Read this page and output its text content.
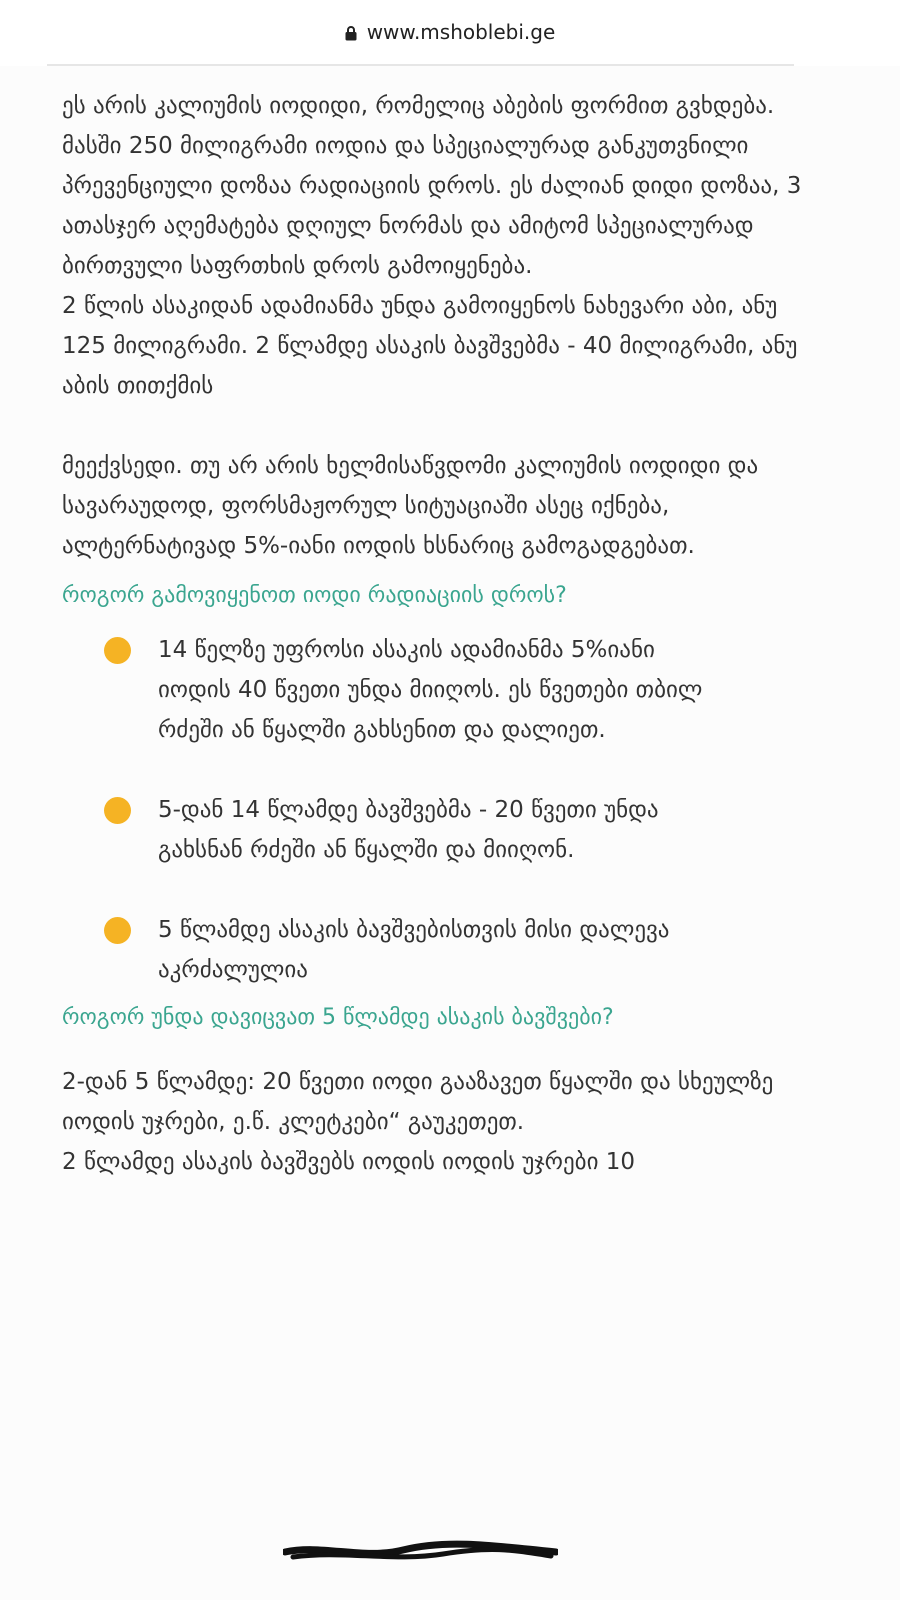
www.mshoblebi.ge

ეს არის კალიუმის იოდიდი, რომელიც აბების ფორმით გვხდება. მასში 250 მილიგრამი იოდია და სპეციალურად განკუთვნილი პრევენციული დოზაა რადიაციის დროს. ეს ძალიან დიდი დოზაა, 3 ათასჯერ აღემატება დღიულ ნორმას და ამიტომ სპეციალურად ბირთვული საფრთხის დროს გამოიყენება.

2 წლის ასაკიდან ადამიანმა უნდა გამოიყენოს ნახევარი აბი, ანუ 125 მილიგრამი. 2 წლამდე ასაკის ბავშვებმა - 40 მილიგრამი, ანუ აბის თითქმის

მეექვსედი. თუ არ არის ხელმისაწვდომი კალიუმის იოდიდი და სავარაუდოდ, ფორსმაჟორულ სიტუაციაში ასეც იქნება, ალტერნატივად 5%-იანი იოდის ხსნარიც გამოგადგებათ.

როგორ გამოვიყენოთ იოდი რადიაციის დროს?

14 წელზე უფროსი ასაკის ადამიანმა 5%იანი იოდის 40 წვეთი უნდა მიიღოს. ეს წვეთები თბილ რძეში ან წყალში გახსენით და დალიეთ.
5-დან 14 წლამდე ბავშვებმა - 20 წვეთი უნდა გახსნან რძეში ან წყალში და მიიღონ.
5 წლამდე ასაკის ბავშვებისთვის მისი დალევა აკრძალულია

როგორ უნდა დავიცვათ 5 წლამდე ასაკის ბავშვები?

2-დან 5 წლამდე: 20 წვეთი იოდი გააზავეთ წყალში და სხეულზე იოდის უჯრები, ე.წ. კლეტკები“ გაუკეთეთ.

2 წლამდე ასაკის ბავშვებს იოდის იოდის უჯრები 10
